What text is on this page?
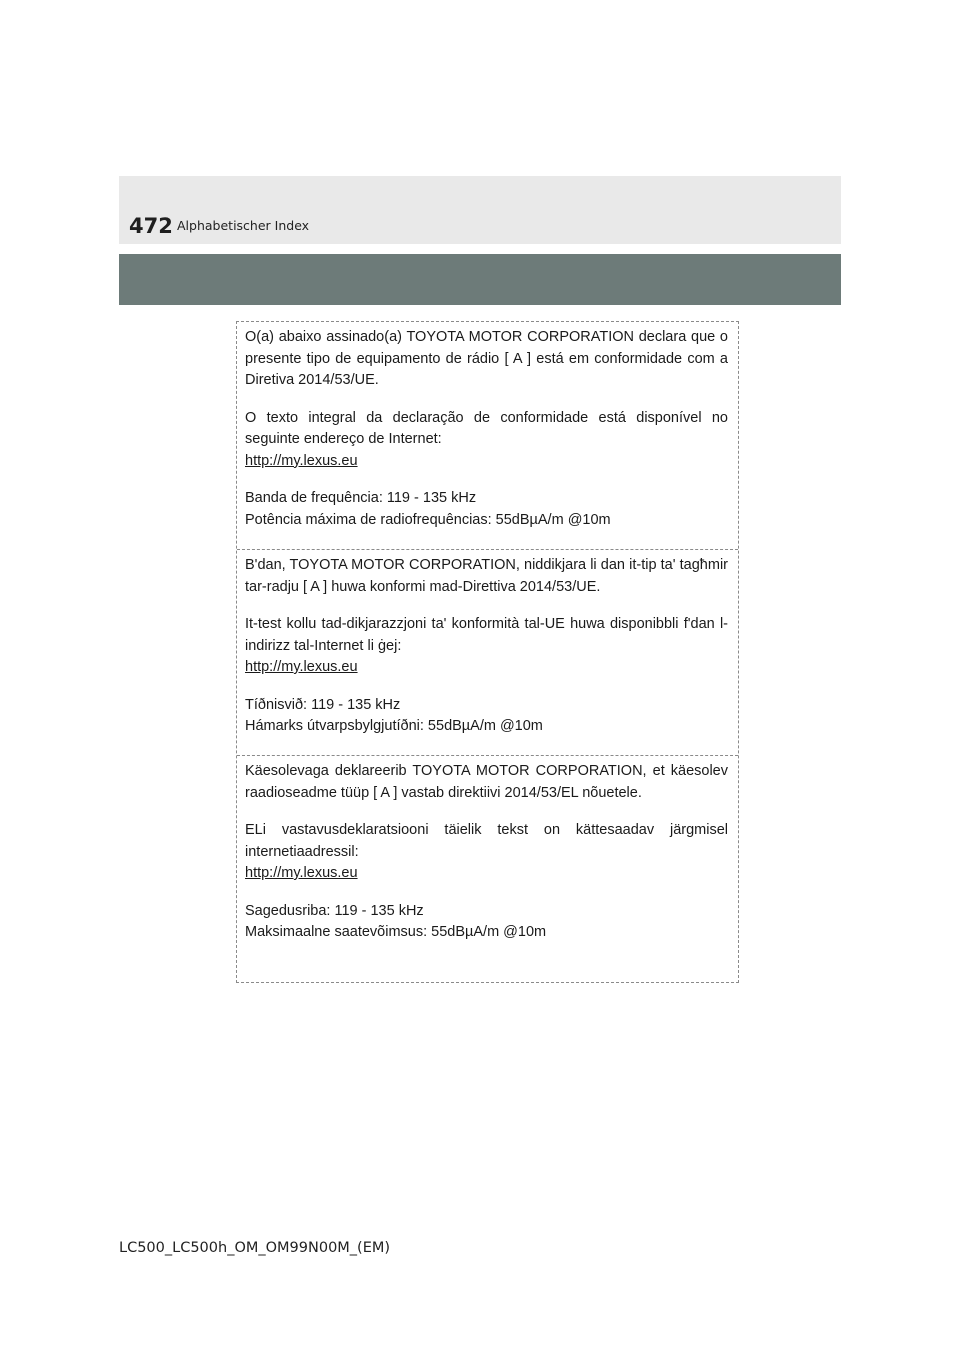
472 Alphabetischer Index

O(a) abaixo assinado(a) TOYOTA MOTOR CORPORATION declara que o presente tipo de equipamento de rádio [ A ] está em conformidade com a Diretiva 2014/53/UE.

O texto integral da declaração de conformidade está disponível no seguinte endereço de Internet:

http://my.lexus.eu

Banda de frequência: 119 - 135 kHz

Potência máxima de radiofrequências: 55dBµA/m @10m

B'dan, TOYOTA MOTOR CORPORATION, niddikjara li dan it-tip ta' tagħmir tar-radju [ A ] huwa konformi mad-Direttiva 2014/53/UE.

It-test kollu tad-dikjarazzjoni ta' konformità tal-UE huwa disponibbli f'dan l-indirizz tal-Internet li ġej:

http://my.lexus.eu

Tíðnisvið: 119 - 135 kHz

Hámarks útvarpsbylgjutíðni: 55dBµA/m @10m

Käesolevaga deklareerib TOYOTA MOTOR CORPORATION, et käesolev raadioseadme tüüp [ A ] vastab direktiivi 2014/53/EL nõuetele.

ELi vastavusdeklaratsiooni täielik tekst on kättesaadav järgmisel internetiaadressil:

http://my.lexus.eu

Sagedusriba: 119 - 135 kHz

Maksimaalne saatevõimsus: 55dBµA/m @10m

LC500_LC500h_OM_OM99N00M_(EM)
